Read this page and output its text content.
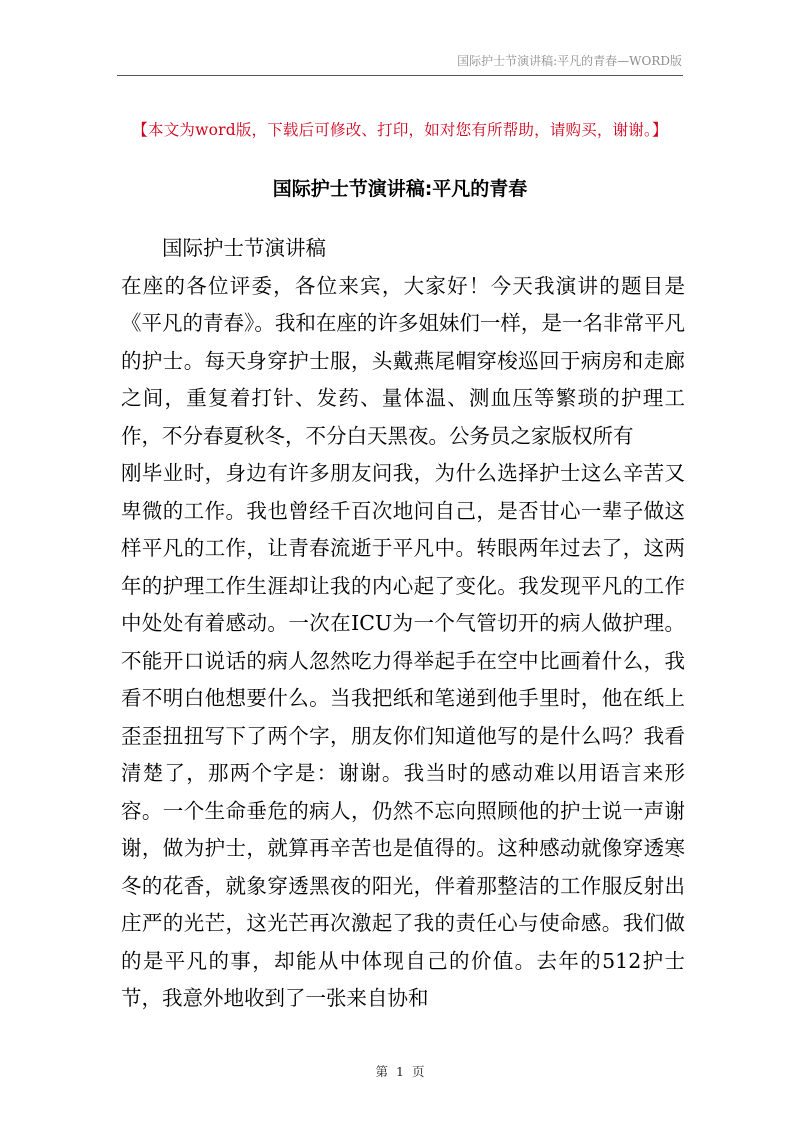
国际护士节演讲稿:平凡的青春—WORD版
【本文为word版，下载后可修改、打印，如对您有所帮助，请购买，谢谢。】
国际护士节演讲稿:平凡的青春

国际护士节演讲稿

在座的各位评委，各位来宾，大家好！今天我演讲的题目是《平凡的青春》。我和在座的许多姐妹们一样，是一名非常平凡的护士。每天身穿护士服，头戴燕尾帽穿梭巡回于病房和走廊之间，重复着打针、发药、量体温、测血压等繁琐的护理工作，不分春夏秋冬，不分白天黑夜。公务员之家版权所有

刚毕业时，身边有许多朋友问我，为什么选择护士这么辛苦又卑微的工作。我也曾经千百次地问自己，是否甘心一辈子做这样平凡的工作，让青春流逝于平凡中。转眼两年过去了，这两年的护理工作生涯却让我的内心起了变化。我发现平凡的工作中处处有着感动。一次在ICU为一个气管切开的病人做护理。不能开口说话的病人忽然吃力得举起手在空中比画着什么，我看不明白他想要什么。当我把纸和笔递到他手里时，他在纸上歪歪扭扭写下了两个字，朋友你们知道他写的是什么吗？我看清楚了，那两个字是：谢谢。我当时的感动难以用语言来形容。一个生命垂危的病人，仍然不忘向照顾他的护士说一声谢谢，做为护士，就算再辛苦也是值得的。这种感动就像穿透寒冬的花香，就象穿透黑夜的阳光，伴着那整洁的工作服反射出庄严的光芒，这光芒再次激起了我的责任心与使命感。我们做的是平凡的事，却能从中体现自己的价值。去年的512护士节，我意外地收到了一张来自协和

第 1 页
